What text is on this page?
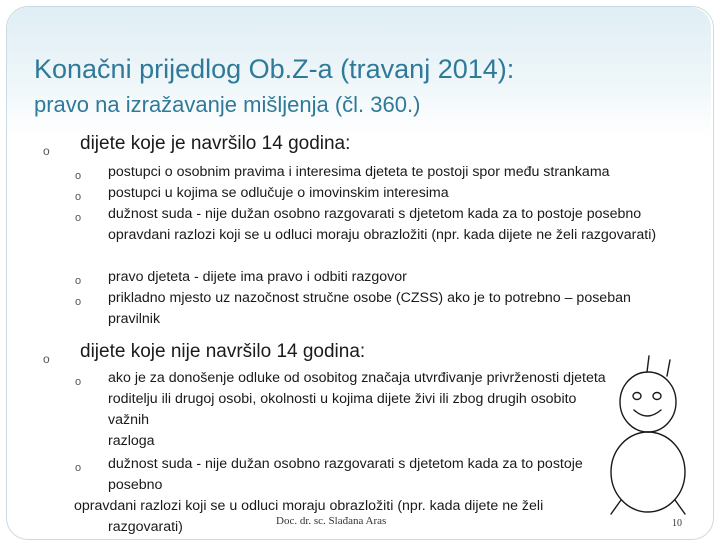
Konačni prijedlog Ob.Z-a (travanj 2014):
pravo na izražavanje mišljenja (čl. 360.)
o dijete koje je navršilo 14 godina:
o postupci o osobnim pravima i interesima djeteta te postoji spor među strankama
o postupci u kojima se odlučuje o imovinskim interesima
o dužnost suda - nije dužan osobno razgovarati s djetetom kada za to postoje posebno opravdani razlozi koji se u odluci moraju obrazložiti (npr. kada dijete ne želi razgovarati)
o pravo djeteta - dijete ima pravo i odbiti razgovor
o prikladno mjesto uz nazočnost stručne osobe (CZSS) ako je to potrebno – poseban pravilnik
o dijete koje nije navršilo 14 godina:
o ako je za donošenje odluke od osobitog značaja utvrđivanje privrženosti djeteta
roditelju ili drugoj osobi, okolnosti u kojima dijete živi ili zbog drugih osobito
važnih
razloga
o dužnost suda - nije dužan osobno razgovarati s djetetom kada za to postoje
posebno
opravdani razlozi koji se u odluci moraju obrazložiti (npr. kada dijete ne želi
razgovarati)	Doc. dr. sc. Slađana Aras	10
